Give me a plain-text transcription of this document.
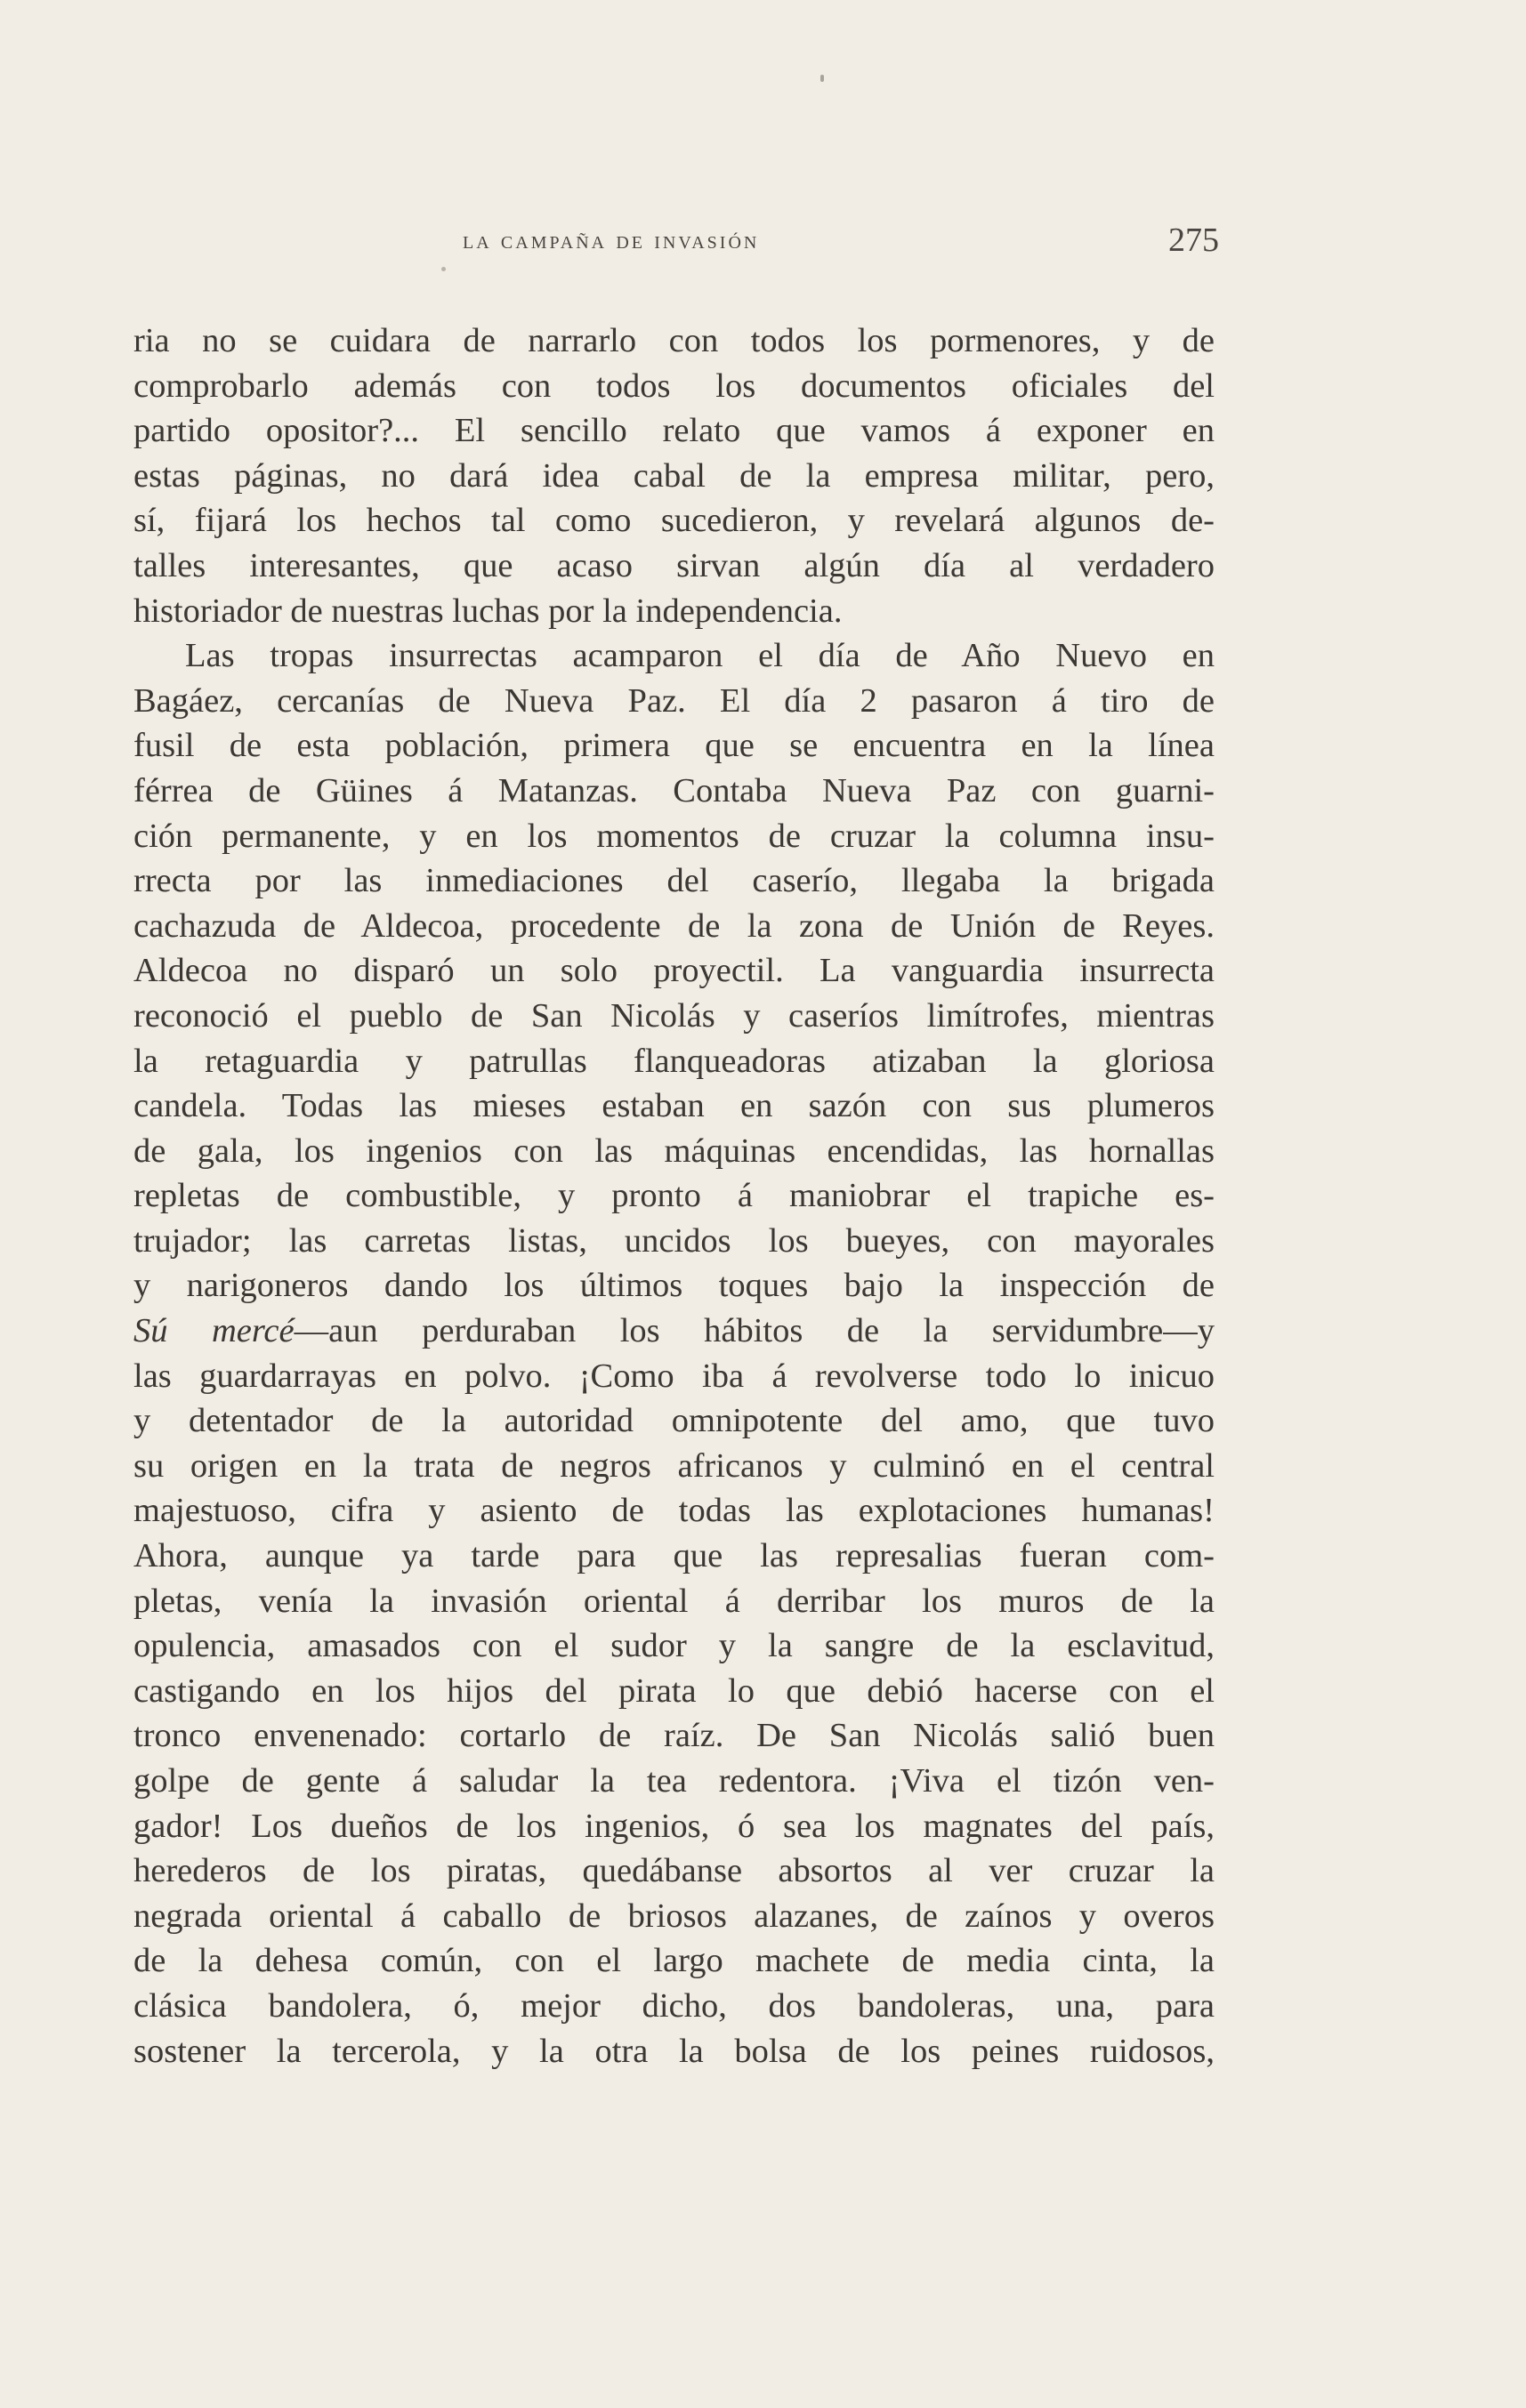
la campaña de invasión	275
ria no se cuidara de narrarlo con todos los pormenores, y de
comprobarlo además con todos los documentos oficiales del
partido opositor?... El sencillo relato que vamos á exponer en
estas páginas, no dará idea cabal de la empresa militar, pero,
sí, fijará los hechos tal como sucedieron, y revelará algunos de-
talles interesantes, que acaso sirvan algún día al verdadero
historiador de nuestras luchas por la independencia.
Las tropas insurrectas acamparon el día de Año Nuevo en
Bagáez, cercanías de Nueva Paz. El día 2 pasaron á tiro de
fusil de esta población, primera que se encuentra en la línea
férrea de Güines á Matanzas. Contaba Nueva Paz con guarni-
ción permanente, y en los momentos de cruzar la columna insu-
rrecta por las inmediaciones del caserío, llegaba la brigada
cachazuda de Aldecoa, procedente de la zona de Unión de Reyes.
Aldecoa no disparó un solo proyectil. La vanguardia insurrecta
reconoció el pueblo de San Nicolás y caseríos limítrofes, mientras
la retaguardia y patrullas flanqueadoras atizaban la gloriosa
candela. Todas las mieses estaban en sazón con sus plumeros
de gala, los ingenios con las máquinas encendidas, las hornallas
repletas de combustible, y pronto á maniobrar el trapiche es-
trujador; las carretas listas, uncidos los bueyes, con mayorales
y narigoneros dando los últimos toques bajo la inspección de
Sú mercé—aun perduraban los hábitos de la servidumbre—y
las guardarrayas en polvo. ¡Como iba á revolverse todo lo inicuo
y detentador de la autoridad omnipotente del amo, que tuvo
su origen en la trata de negros africanos y culminó en el central
majestuoso, cifra y asiento de todas las explotaciones humanas!
Ahora, aunque ya tarde para que las represalias fueran com-
pletas, venía la invasión oriental á derribar los muros de la
opulencia, amasados con el sudor y la sangre de la esclavitud,
castigando en los hijos del pirata lo que debió hacerse con el
tronco envenenado: cortarlo de raíz. De San Nicolás salió buen
golpe de gente á saludar la tea redentora. ¡Viva el tizón ven-
gador! Los dueños de los ingenios, ó sea los magnates del país,
herederos de los piratas, quedábanse absortos al ver cruzar la
negrada oriental á caballo de briosos alazanes, de zaínos y overos
de la dehesa común, con el largo machete de media cinta, la
clásica bandolera, ó, mejor dicho, dos bandoleras, una, para
sostener la tercerola, y la otra la bolsa de los peines ruidosos,
